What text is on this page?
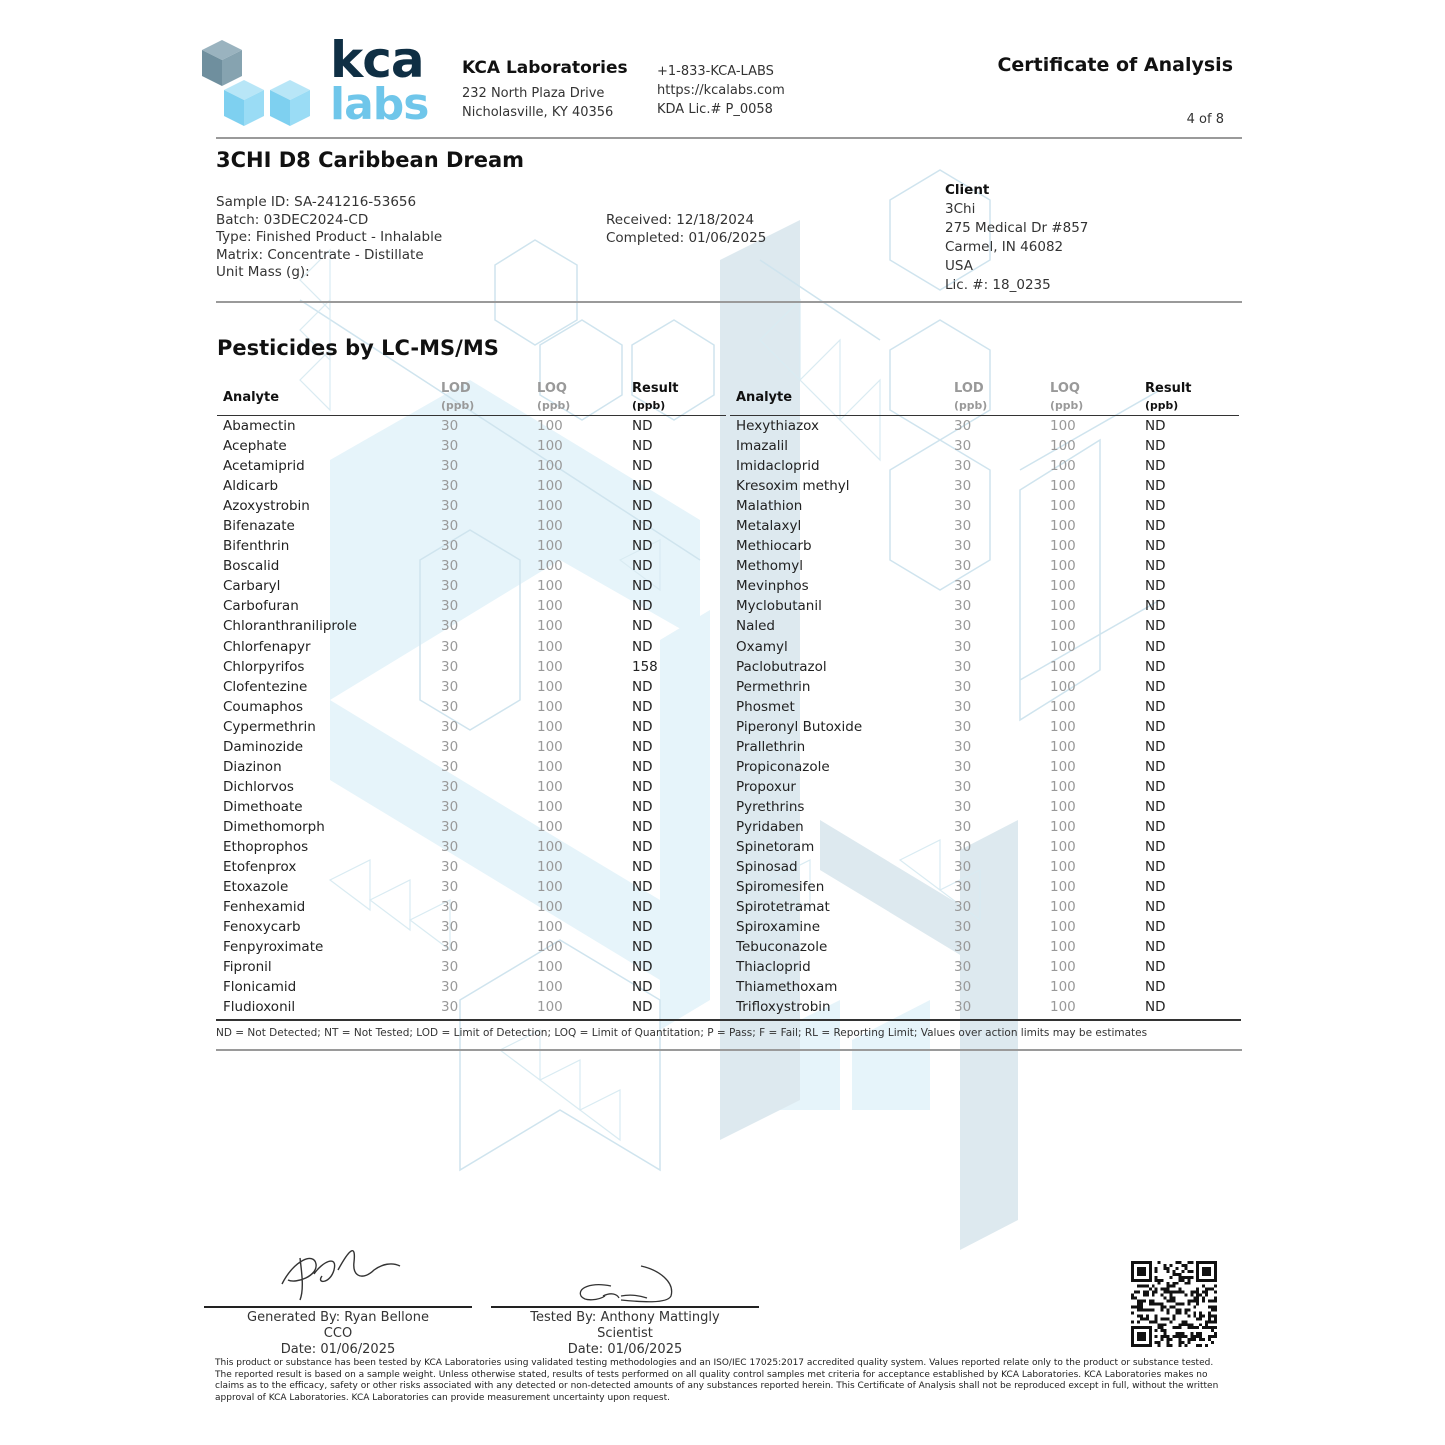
kca
labs
KCA Laboratories
232 North Plaza Drive
Nicholasville, KY 40356
+1-833-KCA-LABS
https://kcalabs.com
KDA Lic.# P_0058
Certificate of Analysis
4 of 8
3CHI D8 Caribbean Dream
Sample ID: SA-241216-53656
Batch: 03DEC2024-CD
Type: Finished Product - Inhalable
Matrix: Concentrate - Distillate
Unit Mass (g):
Received: 12/18/2024
Completed: 01/06/2025
Client
3Chi
275 Medical Dr #857
Carmel, IN 46082
USA
Lic. #: 18_0235
Pesticides by LC-MS/MS
Analyte
LOD
(ppb)
LOQ
(ppb)
Result
(ppb)
Abamectin	30	100	ND
Acephate	30	100	ND
Acetamiprid	30	100	ND
Aldicarb	30	100	ND
Azoxystrobin	30	100	ND
Bifenazate	30	100	ND
Bifenthrin	30	100	ND
Boscalid	30	100	ND
Carbaryl	30	100	ND
Carbofuran	30	100	ND
Chloranthraniliprole	30	100	ND
Chlorfenapyr	30	100	ND
Chlorpyrifos	30	100	158
Clofentezine	30	100	ND
Coumaphos	30	100	ND
Cypermethrin	30	100	ND
Daminozide	30	100	ND
Diazinon	30	100	ND
Dichlorvos	30	100	ND
Dimethoate	30	100	ND
Dimethomorph	30	100	ND
Ethoprophos	30	100	ND
Etofenprox	30	100	ND
Etoxazole	30	100	ND
Fenhexamid	30	100	ND
Fenoxycarb	30	100	ND
Fenpyroximate	30	100	ND
Fipronil	30	100	ND
Flonicamid	30	100	ND
Fludioxonil	30	100	ND
Analyte
LOD
(ppb)
LOQ
(ppb)
Result
(ppb)
Hexythiazox	30	100	ND
Imazalil	30	100	ND
Imidacloprid	30	100	ND
Kresoxim methyl	30	100	ND
Malathion	30	100	ND
Metalaxyl	30	100	ND
Methiocarb	30	100	ND
Methomyl	30	100	ND
Mevinphos	30	100	ND
Myclobutanil	30	100	ND
Naled	30	100	ND
Oxamyl	30	100	ND
Paclobutrazol	30	100	ND
Permethrin	30	100	ND
Phosmet	30	100	ND
Piperonyl Butoxide	30	100	ND
Prallethrin	30	100	ND
Propiconazole	30	100	ND
Propoxur	30	100	ND
Pyrethrins	30	100	ND
Pyridaben	30	100	ND
Spinetoram	30	100	ND
Spinosad	30	100	ND
Spiromesifen	30	100	ND
Spirotetramat	30	100	ND
Spiroxamine	30	100	ND
Tebuconazole	30	100	ND
Thiacloprid	30	100	ND
Thiamethoxam	30	100	ND
Trifloxystrobin	30	100	ND
ND = Not Detected; NT = Not Tested; LOD = Limit of Detection; LOQ = Limit of Quantitation; P = Pass; F = Fail; RL = Reporting Limit; Values over action limits may be estimates
Generated By: Ryan Bellone
CCO
Date: 01/06/2025
Tested By: Anthony Mattingly
Scientist
Date: 01/06/2025
This product or substance has been tested by KCA Laboratories using validated testing methodologies and an ISO/IEC 17025:2017 accredited quality system. Values reported relate only to the product or substance tested. The reported result is based on a sample weight. Unless otherwise stated, results of tests performed on all quality control samples met criteria for acceptance established by KCA Laboratories. KCA Laboratories makes no claims as to the efficacy, safety or other risks associated with any detected or non-detected amounts of any substances reported herein. This Certificate of Analysis shall not be reproduced except in full, without the written approval of KCA Laboratories. KCA Laboratories can provide measurement uncertainty upon request.
